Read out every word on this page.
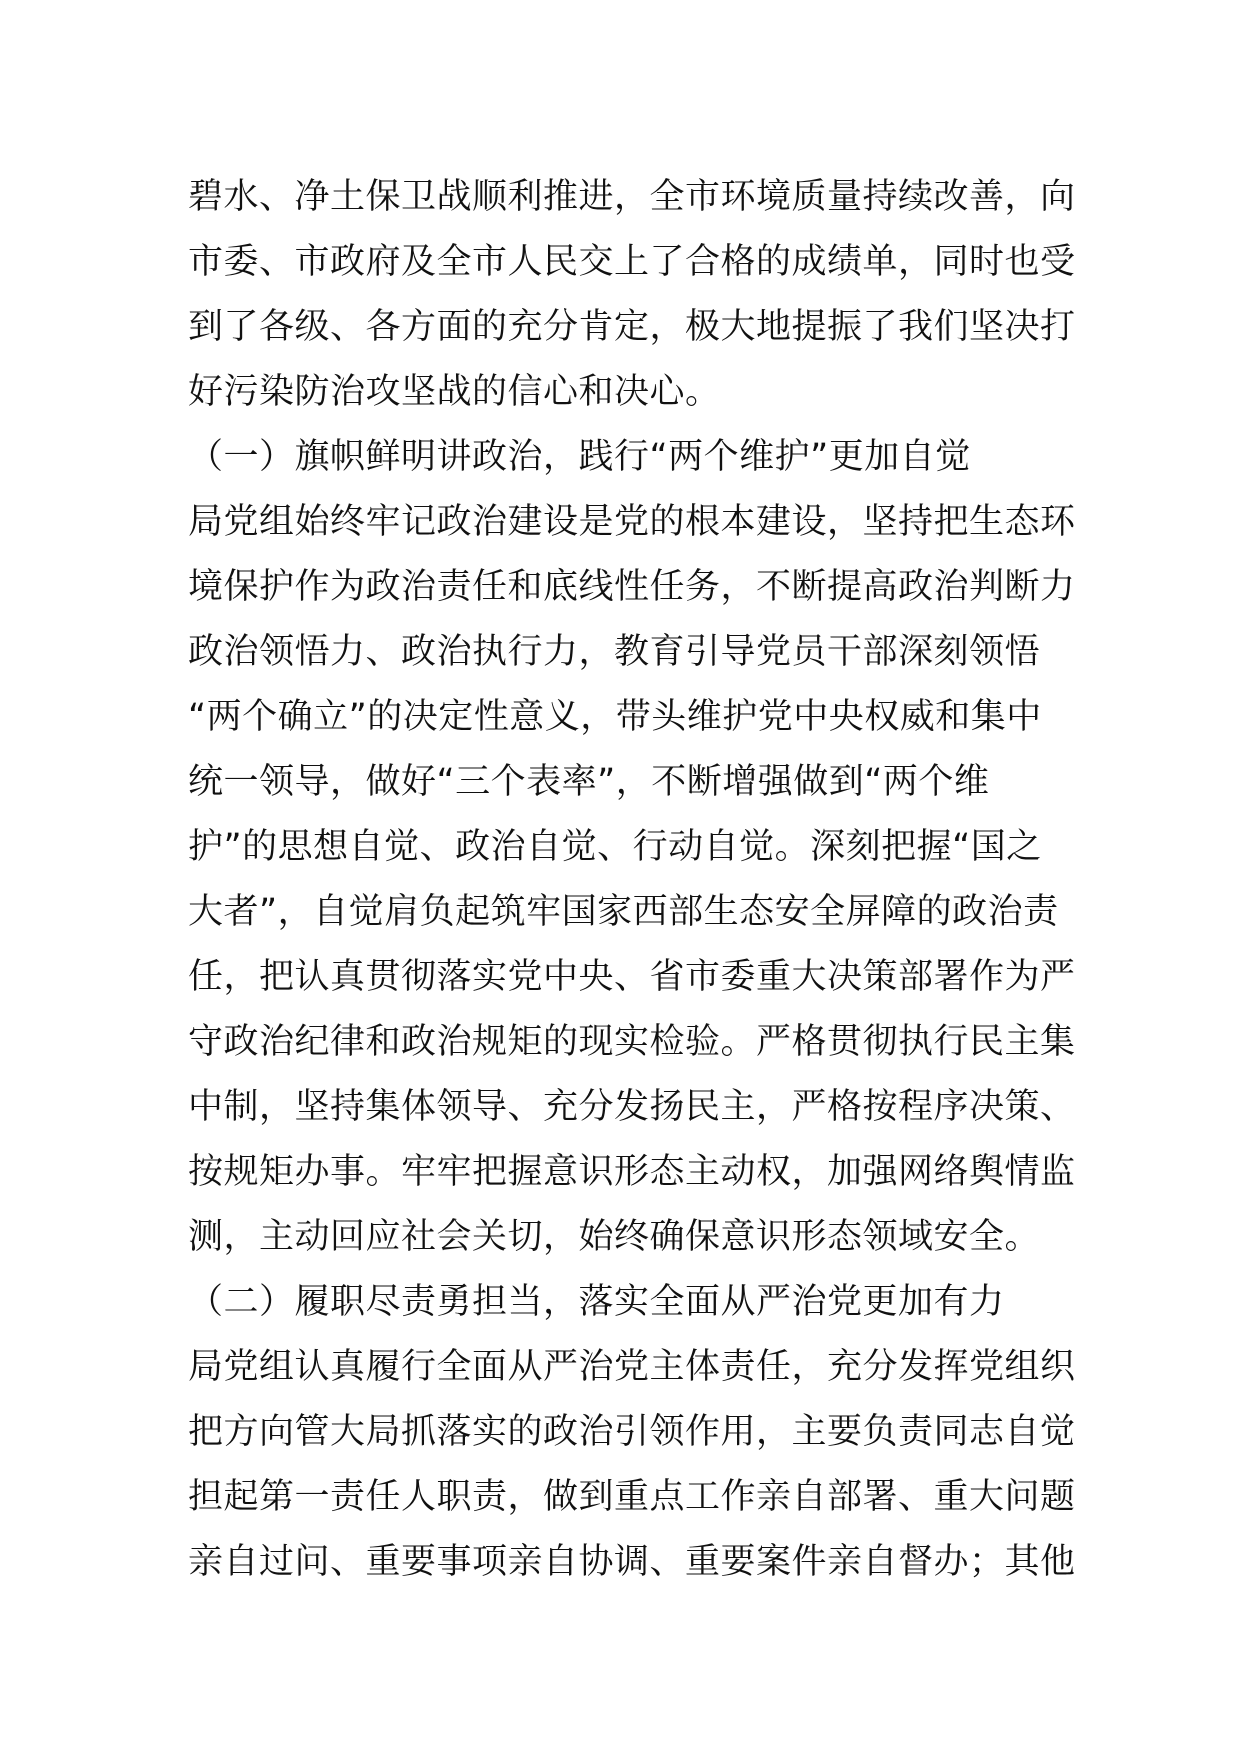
碧水、净土保卫战顺利推进，全市环境质量持续改善，向
市委、市政府及全市人民交上了合格的成绩单，同时也受
到了各级、各方面的充分肯定，极大地提振了我们坚决打
好污染防治攻坚战的信心和决心。
（一）旗帜鲜明讲政治，践行“两个维护”更加自觉
局党组始终牢记政治建设是党的根本建设，坚持把生态环
境保护作为政治责任和底线性任务，不断提高政治判断力
政治领悟力、政治执行力，教育引导党员干部深刻领悟
“两个确立”的决定性意义，带头维护党中央权威和集中
统一领导，做好“三个表率”，不断增强做到“两个维
护”的思想自觉、政治自觉、行动自觉。深刻把握“国之
大者”，自觉肩负起筑牢国家西部生态安全屏障的政治责
任，把认真贯彻落实党中央、省市委重大决策部署作为严
守政治纪律和政治规矩的现实检验。严格贯彻执行民主集
中制，坚持集体领导、充分发扬民主，严格按程序决策、
按规矩办事。牢牢把握意识形态主动权，加强网络舆情监
测，主动回应社会关切，始终确保意识形态领域安全。
（二）履职尽责勇担当，落实全面从严治党更加有力
局党组认真履行全面从严治党主体责任，充分发挥党组织
把方向管大局抓落实的政治引领作用，主要负责同志自觉
担起第一责任人职责，做到重点工作亲自部署、重大问题
亲自过问、重要事项亲自协调、重要案件亲自督办；其他
